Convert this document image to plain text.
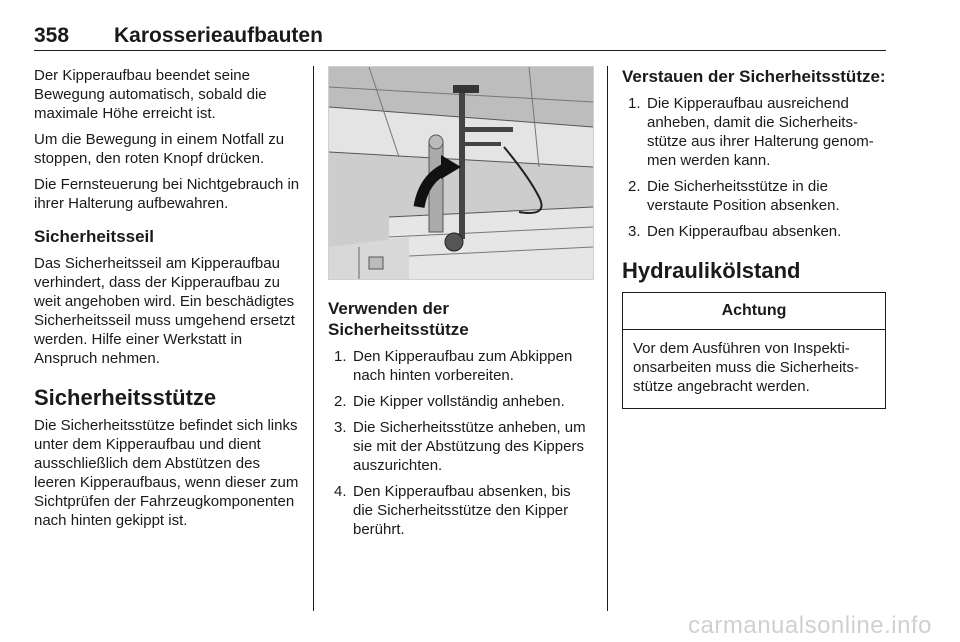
358 Karosserieaufbauten

Der Kipperaufbau beendet seine Bewegung automatisch, sobald die maximale Höhe erreicht ist.

Um die Bewegung in einem Notfall zu stoppen, den roten Knopf drücken.

Die Fernsteuerung bei Nichtgebrauch in ihrer Halterung aufbewahren.

Sicherheitsseil

Das Sicherheitsseil am Kipperaufbau verhindert, dass der Kipperaufbau zu weit angehoben wird. Ein beschädigtes Sicherheitsseil muss umgehend ersetzt werden. Hilfe einer Werkstatt in Anspruch nehmen.

Sicherheitsstütze

Die Sicherheitsstütze befindet sich links unter dem Kipperaufbau und dient ausschließlich dem Abstützen des leeren Kipperaufbaus, wenn dieser zum Sichtprüfen der Fahrzeugkomponenten nach hinten gekippt ist.

Verwenden der Sicherheitsstütze
1. Den Kipperaufbau zum Abkippen nach hinten vorbereiten.
2. Die Kipper vollständig anheben.
3. Die Sicherheitsstütze anheben, um sie mit der Abstützung des Kippers auszurichten.
4. Den Kipperaufbau absenken, bis die Sicherheitsstütze den Kipper berührt.
Verstauen der Sicherheitsstütze:
1. Die Kipperaufbau ausreichend anheben, damit die Sicherheitsstütze aus ihrer Halterung genommen werden kann.
2. Die Sicherheitsstütze in die verstaute Position absenken.
3. Den Kipperaufbau absenken.
Hydraulikölstand
Achtung
Vor dem Ausführen von Inspektionsarbeiten muss die Sicherheitsstütze angebracht werden.
carmanualsonline.info
